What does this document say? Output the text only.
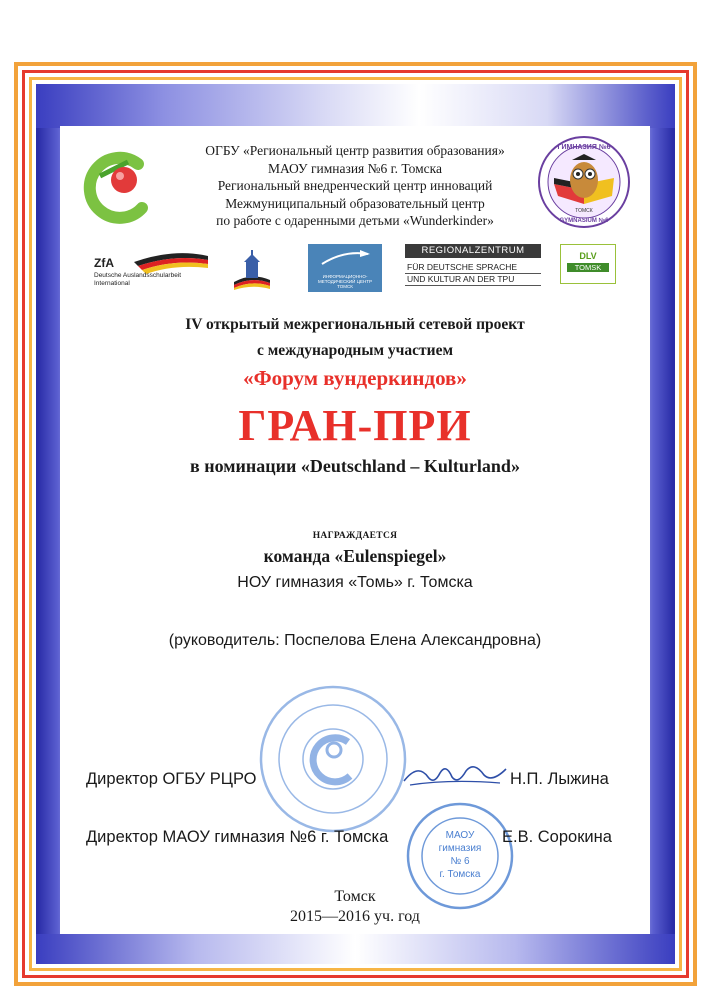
ГИМНАЗИЯ №6
ТОМСК
GYMNASIUM №6
ОГБУ «Региональный центр развития образования»
МАОУ гимназия №6 г. Томска
Региональный внедренческий центр инноваций
Межмуниципальный образовательный центр
по работе с одаренными детьми «Wunderkinder»
ZfA
Deutsche Auslandsschularbeit
International
ИНФОРМАЦИОННО-МЕТОДИЧЕСКИЙ ЦЕНТР ТОМСК
REGIONALZENTRUM
FÜR DEUTSCHE SPRACHE
UND KULTUR AN DER TPU
DLV
TOMSK
IV открытый межрегиональный сетевой проект
с международным участием
«Форум вундеркиндов»
ГРАН-ПРИ
в номинации «Deutschland – Kulturland»
НАГРАЖДАЕТСЯ
команда «Eulenspiegel»
НОУ гимназия «Томь» г. Томска
(руководитель: Поспелова Елена Александровна)
МАОУ
гимназия
№ 6
г. Томска
Директор ОГБУ РЦРО	Н.П. Лыжина
Директор МАОУ гимназия №6 г. Томска	Е.В. Сорокина
Томск
2015—2016 уч. год
